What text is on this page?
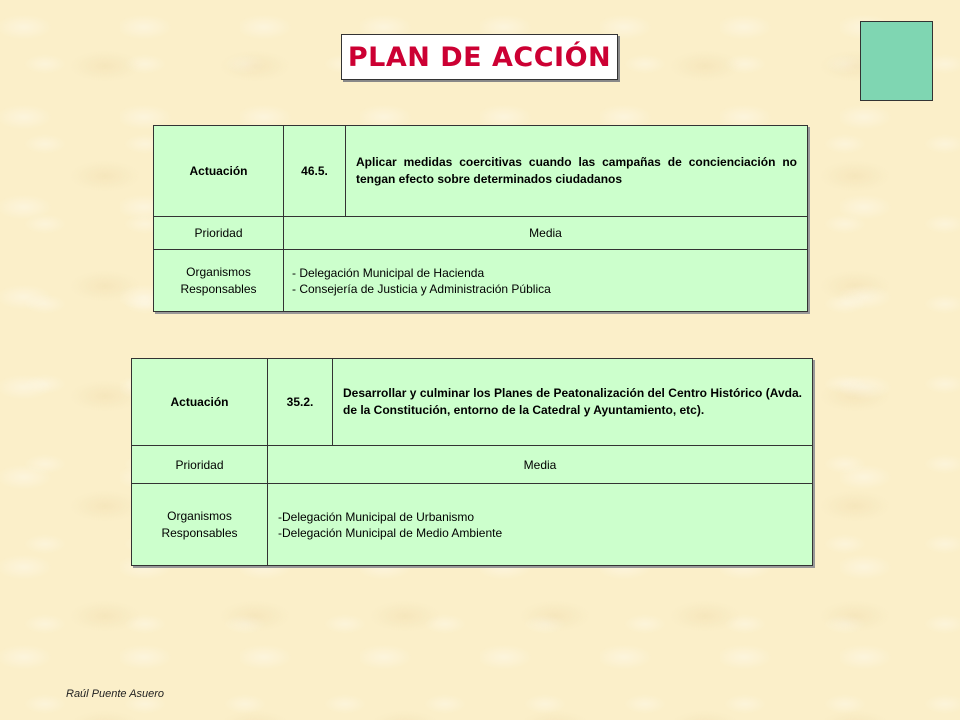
PLAN DE ACCIÓN
Actuación	46.5.	Aplicar medidas coercitivas cuando las campañas de concienciación no tengan efecto sobre determinados ciudadanos
Prioridad	Media	
Organismos Responsables	- Delegación Municipal de Hacienda
- Consejería de Justicia y Administración Pública	
Actuación	35.2.	Desarrollar y culminar los Planes de Peatonalización del Centro Histórico (Avda. de la Constitución, entorno de la Catedral y Ayuntamiento, etc).
Prioridad	Media	
Organismos Responsables	-Delegación Municipal de Urbanismo
-Delegación Municipal de Medio Ambiente	
Raúl Puente Asuero
